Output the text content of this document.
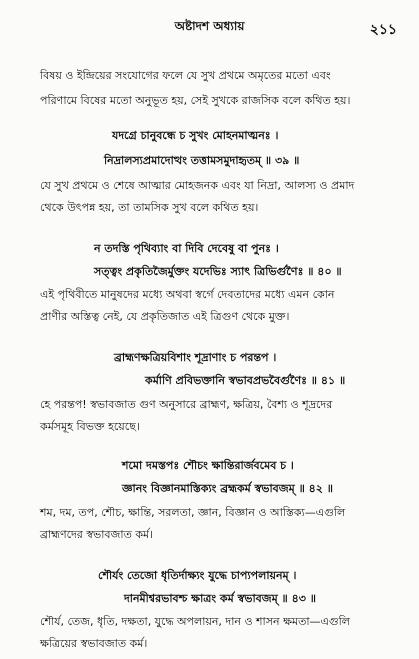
অষ্টাদশ অধ্যায়	২১১
বিষয় ও ইন্দ্রিয়ের সংযোগের ফলে যে সুখ প্রথমে অমৃতের মতো এবং
পরিণামে বিষের মতো অনুভূত হয়, সেই সুখকে রাজসিক বলে কথিত হয়।
যদগ্রে চানুবন্ধে চ সুখং মোহনমাত্মনঃ ।
নিদ্রালস্যপ্রমাদোত্থং তত্তামসমুদাহৃতম্ ॥ ৩৯ ॥
যে সুখ প্রথমে ও শেষে আত্মার মোহজনক এবং যা নিদ্রা, আলস্য ও প্রমাদ
থেকে উৎপন্ন হয়, তা তামসিক সুখ বলে কথিত হয়।
ন তদস্তি পৃথিব্যাং বা দিবি দেবেষু বা পুনঃ ।
সত্ত্বং প্রকৃতিজৈর্মুক্তং যদেভিঃ স্যাৎ ত্রিভির্গুণৈঃ ॥ ৪০ ॥
এই পৃথিবীতে মানুষদের মধ্যে অথবা স্বর্গে দেবতাদের মধ্যে এমন কোন
প্রাণীর অস্তিত্ব নেই, যে প্রকৃতিজাত এই ত্রিগুণ থেকে মুক্ত।
ব্রাহ্মণক্ষত্রিয়বিশাং শূদ্রাণাং চ পরন্তপ ।
কর্মাণি প্রবিভক্তানি স্বভাবপ্রভবৈর্গুণৈঃ ॥ ৪১ ॥
হে পরন্তপ! স্বভাবজাত গুণ অনুসারে ব্রাহ্মণ, ক্ষত্রিয়, বৈশ্য ও শূদ্রদের
কর্মসমূহ বিভক্ত হয়েছে।
শমো দমস্তপঃ শৌচং ক্ষান্তিরার্জবমেব চ ।
জ্ঞানং বিজ্ঞানমাস্তিক্যং ব্রহ্মকর্ম স্বভাবজম্ ॥ ৪২ ॥
শম, দম, তপ, শৌচ, ক্ষান্তি, সরলতা, জ্ঞান, বিজ্ঞান ও আস্তিক্য—এগুলি
ব্রাহ্মণদের স্বভাবজাত কর্ম।
শৌর্যং তেজো ধৃতির্দাক্ষ্যং যুদ্ধে চাপ্যপলায়নম্ ।
দানমীশ্বরভাবশ্চ ক্ষাত্রং কর্ম স্বভাবজম্ ॥ ৪৩ ॥
শৌর্য, তেজ, ধৃতি, দক্ষতা, যুদ্ধে অপলায়ন, দান ও শাসন ক্ষমতা—এগুলি
ক্ষত্রিয়ের স্বভাবজাত কর্ম।
